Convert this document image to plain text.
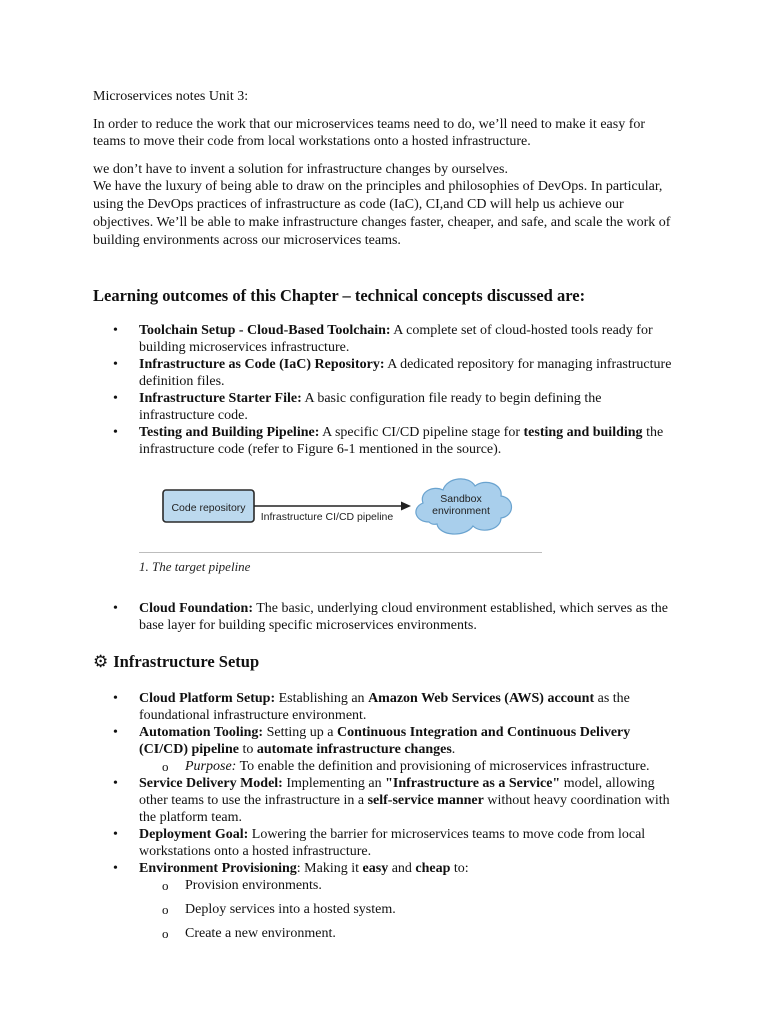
Microservices notes Unit 3:

In order to reduce the work that our microservices teams need to do, we’ll need to make it easy for teams to move their code from local workstations onto a hosted infrastructure.

we don’t have to invent a solution for infrastructure changes by ourselves.

We have the luxury of being able to draw on the principles and philosophies of DevOps. In particular, using the DevOps practices of infrastructure as code (IaC), CI,and CD will help us achieve our objectives. We’ll be able to make infrastructure changes faster, cheaper, and safe, and scale the work of building environments across our microservices teams.

Learning outcomes of this Chapter – technical concepts discussed are:
• Toolchain Setup - Cloud-Based Toolchain: A complete set of cloud-hosted tools ready for building microservices infrastructure.
• Infrastructure as Code (IaC) Repository: A dedicated repository for managing infrastructure definition files.
• Infrastructure Starter File: A basic configuration file ready to begin defining the infrastructure code.
• Testing and Building Pipeline: A specific CI/CD pipeline stage for testing and building the infrastructure code (refer to Figure 6-1 mentioned in the source).
Code repository
Infrastructure CI/CD pipeline
Sandbox
environment
1. The target pipeline
• Cloud Foundation: The basic, underlying cloud environment established, which serves as the base layer for building specific microservices environments.
⚙ Infrastructure Setup
• Cloud Platform Setup: Establishing an Amazon Web Services (AWS) account as the foundational infrastructure environment.
• Automation Tooling: Setting up a Continuous Integration and Continuous Delivery (CI/CD) pipeline to automate infrastructure changes.
o Purpose: To enable the definition and provisioning of microservices infrastructure.
• Service Delivery Model: Implementing an "Infrastructure as a Service" model, allowing other teams to use the infrastructure in a self-service manner without heavy coordination with the platform team.
• Deployment Goal: Lowering the barrier for microservices teams to move code from local workstations onto a hosted infrastructure.
• Environment Provisioning: Making it easy and cheap to:
o Provision environments.
o Deploy services into a hosted system.
o Create a new environment.
